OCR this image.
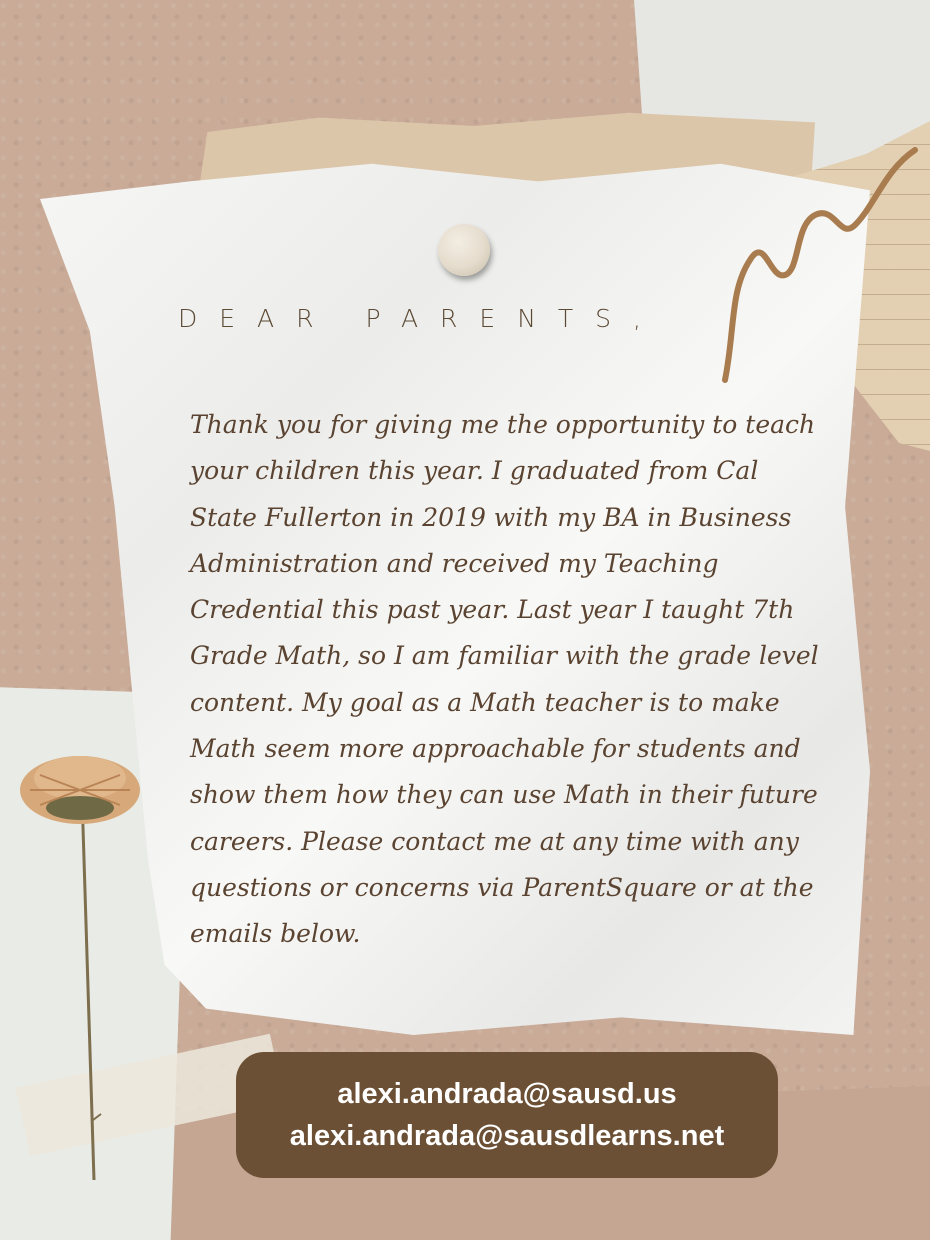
DEAR PARENTS,

Thank you for giving me the opportunity to teach your children this year. I graduated from Cal State Fullerton in 2019 with my BA in Business Administration and received my Teaching Credential this past year. Last year I taught 7th Grade Math, so I am familiar with the grade level content. My goal as a Math teacher is to make Math seem more approachable for students and show them how they can use Math in their future careers. Please contact me at any time with any questions or concerns via ParentSquare or at the emails below.

alexi.andrada@sausd.us
alexi.andrada@sausdlearns.net
